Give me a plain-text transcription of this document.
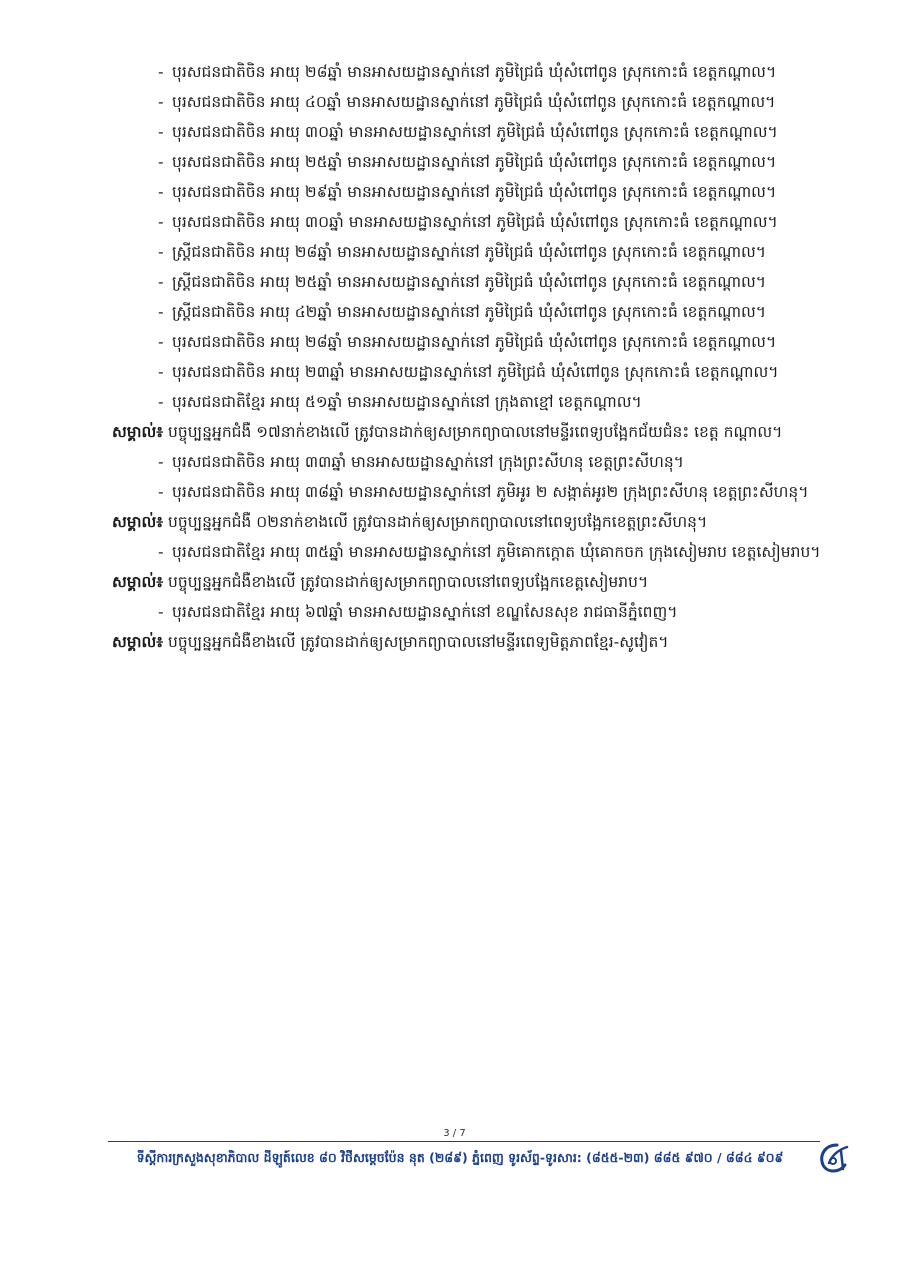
- បុរសជនជាតិចិន អាយុ ២៨ឆ្នាំ មានអាសយដ្ឋានស្នាក់នៅ ភូមិជ្រៃធំ ឃុំសំពៅពូន ស្រុកកោះធំ ខេត្តកណ្តាល។
- បុរសជនជាតិចិន អាយុ ៤០ឆ្នាំ មានអាសយដ្ឋានស្នាក់នៅ ភូមិជ្រៃធំ ឃុំសំពៅពូន ស្រុកកោះធំ ខេត្តកណ្តាល។
- បុរសជនជាតិចិន អាយុ ៣០ឆ្នាំ មានអាសយដ្ឋានស្នាក់នៅ ភូមិជ្រៃធំ ឃុំសំពៅពូន ស្រុកកោះធំ ខេត្តកណ្តាល។
- បុរសជនជាតិចិន អាយុ ២៥ឆ្នាំ មានអាសយដ្ឋានស្នាក់នៅ ភូមិជ្រៃធំ ឃុំសំពៅពូន ស្រុកកោះធំ ខេត្តកណ្តាល។
- បុរសជនជាតិចិន អាយុ ២៩ឆ្នាំ មានអាសយដ្ឋានស្នាក់នៅ ភូមិជ្រៃធំ ឃុំសំពៅពូន ស្រុកកោះធំ ខេត្តកណ្តាល។
- បុរសជនជាតិចិន អាយុ ៣០ឆ្នាំ មានអាសយដ្ឋានស្នាក់នៅ ភូមិជ្រៃធំ ឃុំសំពៅពូន ស្រុកកោះធំ ខេត្តកណ្តាល។
- ស្រ្តីជនជាតិចិន អាយុ ២៨ឆ្នាំ មានអាសយដ្ឋានស្នាក់នៅ ភូមិជ្រៃធំ ឃុំសំពៅពូន ស្រុកកោះធំ ខេត្តកណ្តាល។
- ស្រ្តីជនជាតិចិន អាយុ ២៥ឆ្នាំ មានអាសយដ្ឋានស្នាក់នៅ ភូមិជ្រៃធំ ឃុំសំពៅពូន ស្រុកកោះធំ ខេត្តកណ្តាល។
- ស្រ្តីជនជាតិចិន អាយុ ៤២ឆ្នាំ មានអាសយដ្ឋានស្នាក់នៅ ភូមិជ្រៃធំ ឃុំសំពៅពូន ស្រុកកោះធំ ខេត្តកណ្តាល។
- បុរសជនជាតិចិន អាយុ ២៨ឆ្នាំ មានអាសយដ្ឋានស្នាក់នៅ ភូមិជ្រៃធំ ឃុំសំពៅពូន ស្រុកកោះធំ ខេត្តកណ្តាល។
- បុរសជនជាតិចិន អាយុ ២៣ឆ្នាំ មានអាសយដ្ឋានស្នាក់នៅ ភូមិជ្រៃធំ ឃុំសំពៅពូន ស្រុកកោះធំ ខេត្តកណ្តាល។
- បុរសជនជាតិខ្មែរ អាយុ ៥១ឆ្នាំ មានអាសយដ្ឋានស្នាក់នៅ ក្រុងតាខ្មៅ ខេត្តកណ្តាល។
សម្គាល់៖ បច្ចុប្បន្នអ្នកជំងឺ ១៧នាក់ខាងលើ ត្រូវបានដាក់ឲ្យសម្រាកព្យាបាលនៅមន្ទីរពេទ្យបង្អែកជ័យជំនះ ខេត្ត កណ្តាល។
- បុរសជនជាតិចិន អាយុ ៣៣ឆ្នាំ មានអាសយដ្ឋានស្នាក់នៅ ក្រុងព្រះសីហនុ ខេត្តព្រះសីហនុ។
- បុរសជនជាតិចិន អាយុ ៣៨ឆ្នាំ មានអាសយដ្ឋានស្នាក់នៅ ភូមិអូរ ២ សង្កាត់អូរ២ ក្រុងព្រះសីហនុ ខេត្តព្រះសីហនុ។
សម្គាល់៖ បច្ចុប្បន្នអ្នកជំងឺ ០២នាក់ខាងលើ ត្រូវបានដាក់ឲ្យសម្រាកព្យាបាលនៅពេទ្យបង្អែកខេត្តព្រះសីហនុ។
- បុរសជនជាតិខ្មែរ អាយុ ៣៥ឆ្នាំ មានអាសយដ្ឋានស្នាក់នៅ ភូមិគោកក្តោត ឃុំគោកចក ក្រុងសៀមរាប ខេត្តសៀមរាប។
សម្គាល់៖ បច្ចុប្បន្នអ្នកជំងឺខាងលើ ត្រូវបានដាក់ឲ្យសម្រាកព្យាបាលនៅពេទ្យបង្អែកខេត្តសៀមរាប។
- បុរសជនជាតិខ្មែរ អាយុ ៦៧ឆ្នាំ មានអាសយដ្ឋានស្នាក់នៅ ខណ្ឌសែនសុខ រាជធានីភ្នំពេញ។
សម្គាល់៖ បច្ចុប្បន្នអ្នកជំងឺខាងលើ ត្រូវបានដាក់ឲ្យសម្រាកព្យាបាលនៅមន្ទីរពេទ្យមិត្តភាពខ្មែរ-សូវៀត។
3 / 7
ទីស្តីការក្រសួងសុខាភិបាល ដីឡូត៍លេខ ៨០ វិថីសម្តេចប៉ែន នុត (២៨៩) ភ្នំពេញ ទូរស័ព្ទ-ទូរសារ: (៨៥៥-២៣) ៨៨៥ ៩៧០ / ៨៨៤ ៩០៩
